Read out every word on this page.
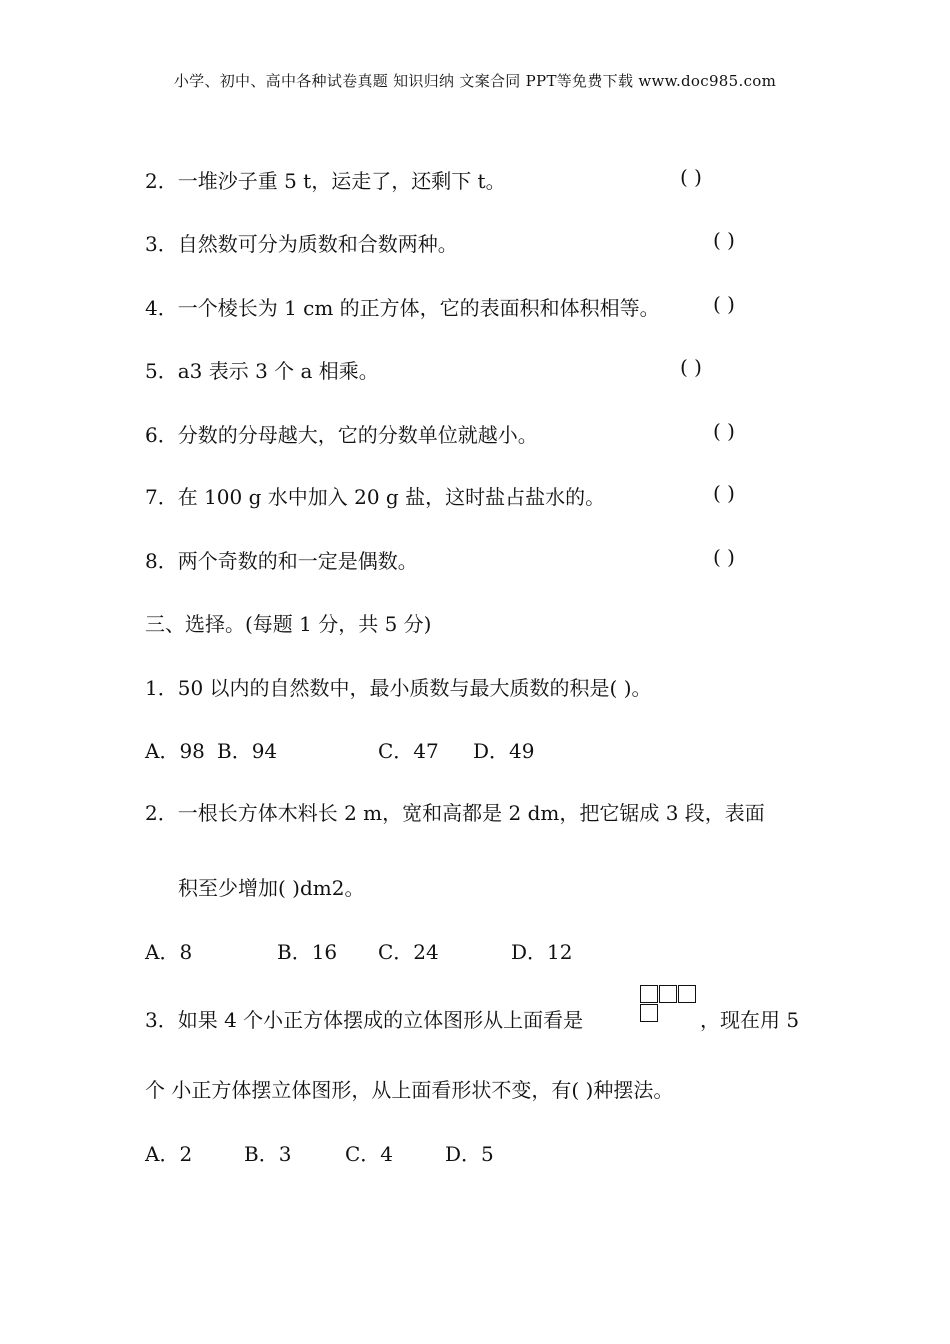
小学、初中、高中各种试卷真题 知识归纳 文案合同 PPT等免费下载 www.doc985.com
2．一堆沙子重 5 t，运走了，还剩下 t。	( )
3．自然数可分为质数和合数两种。	( )
4．一个棱长为 1 cm 的正方体，它的表面积和体积相等。	( )
5．a3 表示 3 个 a 相乘。	( )
6．分数的分母越大，它的分数单位就越小。	( )
7．在 100 g 水中加入 20 g 盐，这时盐占盐水的。	( )
8．两个奇数的和一定是偶数。	( )
三、选择。(每题 1 分，共 5 分)
1．50 以内的自然数中，最小质数与最大质数的积是( )。
A．98 B．94	C．47 D．49
2．一根长方体木料长 2 m，宽和高都是 2 dm，把它锯成 3 段，表面
积至少增加( )dm2。
A．8	B．16 C．24	D．12
3．如果 4 个小正方体摆成的立体图形从上面看是	，现在用 5
个 小正方体摆立体图形，从上面看形状不变，有( )种摆法。
A．2	B．3	C．4	D．5
